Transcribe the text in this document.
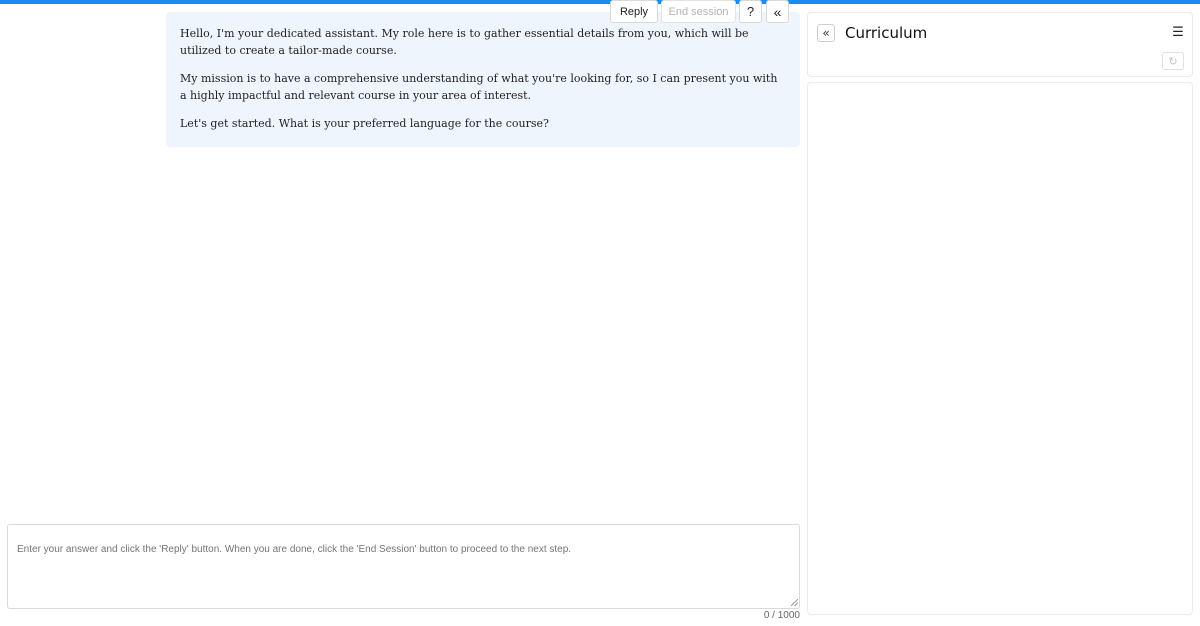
Hello, I'm your dedicated assistant. My role here is to gather essential details from you, which will be utilized to create a tailor-made course.

My mission is to have a comprehensive understanding of what you're looking for, so I can present you with a highly impactful and relevant course in your area of interest.

Let's get started. What is your preferred language for the course?

Reply	End session	?	«
Enter your answer and click the 'Reply' button. When you are done, click the 'End Session' button to proceed to the next step.
0 / 1000
«	Curriculum	☰
↻
